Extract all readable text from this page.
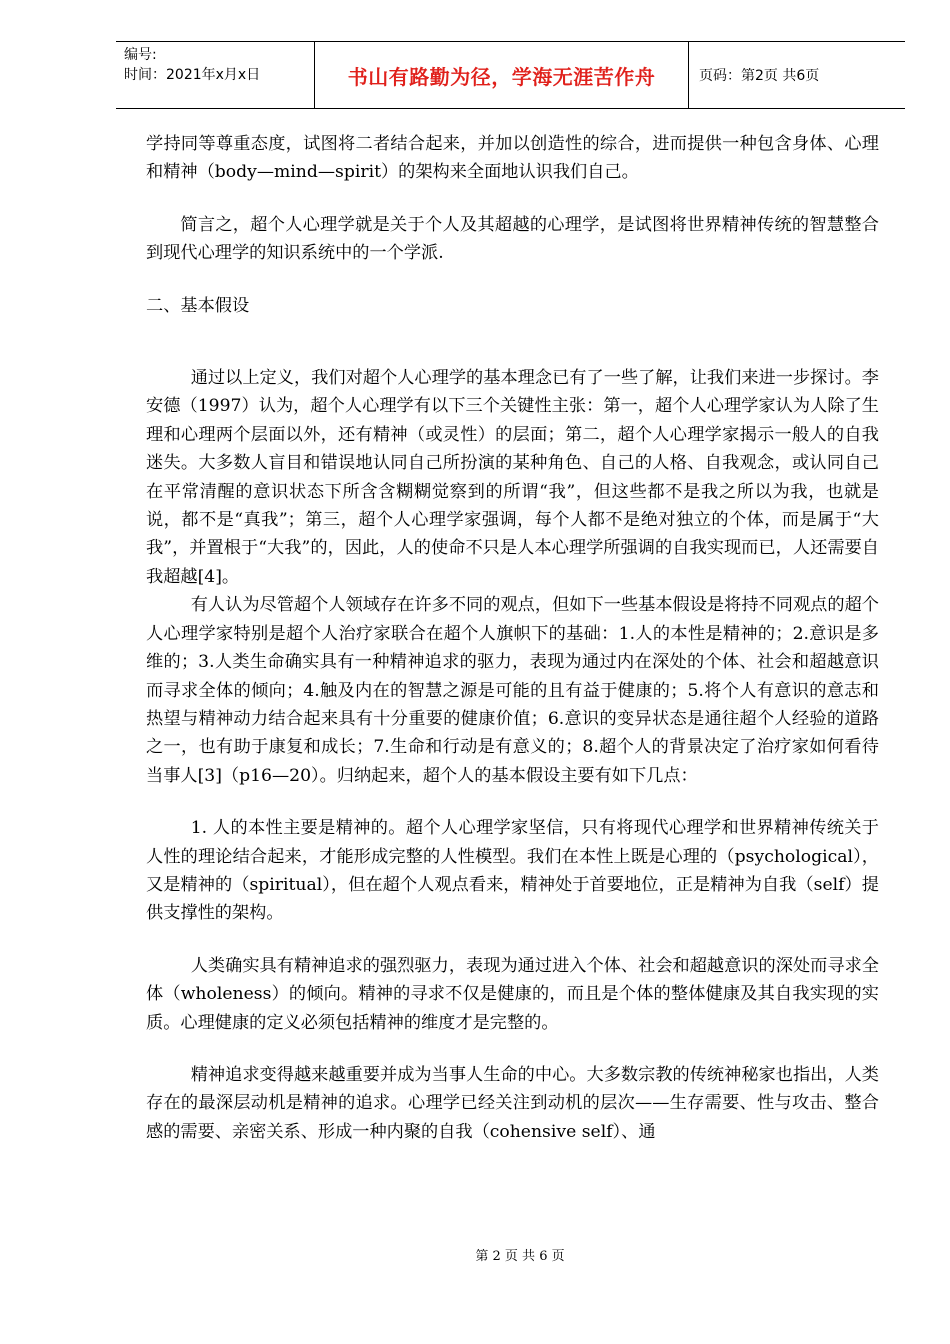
编号:
时间：2021年x月x日	书山有路勤为径，学海无涯苦作舟	页码：第2页 共6页

学持同等尊重态度，试图将二者结合起来，并加以创造性的综合，进而提供一种包含身体、心理和精神（body—mind—spirit）的架构来全面地认识我们自己。

简言之，超个人心理学就是关于个人及其超越的心理学，是试图将世界精神传统的智慧整合到现代心理学的知识系统中的一个学派.

二、基本假设

通过以上定义，我们对超个人心理学的基本理念已有了一些了解，让我们来进一步探讨。李安德（1997）认为，超个人心理学有以下三个关键性主张：第一，超个人心理学家认为人除了生理和心理两个层面以外，还有精神（或灵性）的层面；第二，超个人心理学家揭示一般人的自我迷失。大多数人盲目和错误地认同自己所扮演的某种角色、自己的人格、自我观念，或认同自己在平常清醒的意识状态下所含含糊糊觉察到的所谓“我”，但这些都不是我之所以为我，也就是说，都不是“真我”；第三，超个人心理学家强调，每个人都不是绝对独立的个体，而是属于“大我”，并置根于“大我”的，因此，人的使命不只是人本心理学所强调的自我实现而已，人还需要自我超越[4]。

有人认为尽管超个人领域存在许多不同的观点，但如下一些基本假设是将持不同观点的超个人心理学家特别是超个人治疗家联合在超个人旗帜下的基础：1.人的本性是精神的；2.意识是多维的；3.人类生命确实具有一种精神追求的驱力，表现为通过内在深处的个体、社会和超越意识而寻求全体的倾向；4.触及内在的智慧之源是可能的且有益于健康的；5.将个人有意识的意志和热望与精神动力结合起来具有十分重要的健康价值；6.意识的变异状态是通往超个人经验的道路之一，也有助于康复和成长；7.生命和行动是有意义的；8.超个人的背景决定了治疗家如何看待当事人[3]（p16—20）。归纳起来，超个人的基本假设主要有如下几点：

1. 人的本性主要是精神的。超个人心理学家坚信，只有将现代心理学和世界精神传统关于人性的理论结合起来，才能形成完整的人性模型。我们在本性上既是心理的（psychological），又是精神的（spiritual），但在超个人观点看来，精神处于首要地位，正是精神为自我（self）提供支撑性的架构。

人类确实具有精神追求的强烈驱力，表现为通过进入个体、社会和超越意识的深处而寻求全体（wholeness）的倾向。精神的寻求不仅是健康的，而且是个体的整体健康及其自我实现的实质。心理健康的定义必须包括精神的维度才是完整的。

精神追求变得越来越重要并成为当事人生命的中心。大多数宗教的传统神秘家也指出，人类存在的最深层动机是精神的追求。心理学已经关注到动机的层次——生存需要、性与攻击、整合感的需要、亲密关系、形成一种内聚的自我（cohensive self）、通

第 2 页 共 6 页
